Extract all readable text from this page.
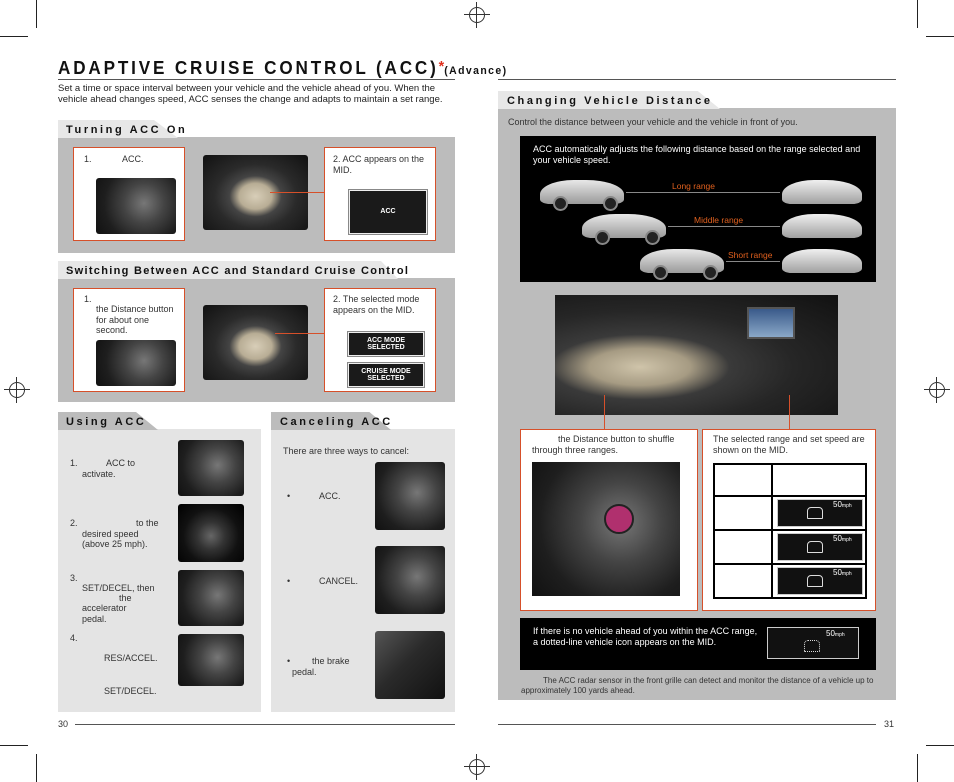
ADAPTIVE CRUISE CONTROL (ACC)*(Advance)
Set a time or space interval between your vehicle and the vehicle ahead of you. When the vehicle ahead changes speed, ACC senses the change and adapts to maintain a set range.
Turning ACC On
1.	ACC.	2. ACC appears on the MID.
ACC
Switching Between ACC and Standard Cruise Control
1.
the Distance button for about one second.
2. The selected mode appears on the MID.
ACC MODE SELECTED
CRUISE MODE SELECTED
Using ACC
1.	ACC to activate.
2.	to the desired speed (above 25 mph).
3.
SET/DECEL, then
the
accelerator pedal.
4.
RES/ACCEL.
SET/DECEL.
Canceling ACC
There are three ways to cancel:
•	ACC.
•	CANCEL.
•	the brake pedal.
30
Changing Vehicle Distance
Control the distance between your vehicle and the vehicle in front of you.
ACC automatically adjusts the following distance based on the range selected and your vehicle speed.
Long range
Middle range
Short range
the Distance button to shuffle through three ranges.
The selected range and set speed are shown on the MID.
50mph
50mph
50mph
If there is no vehicle ahead of you within the ACC range, a dotted-line vehicle icon appears on the MID.
50mph
The ACC radar sensor in the front grille can detect and monitor the distance of a vehicle up to approximately 100 yards ahead.
31
